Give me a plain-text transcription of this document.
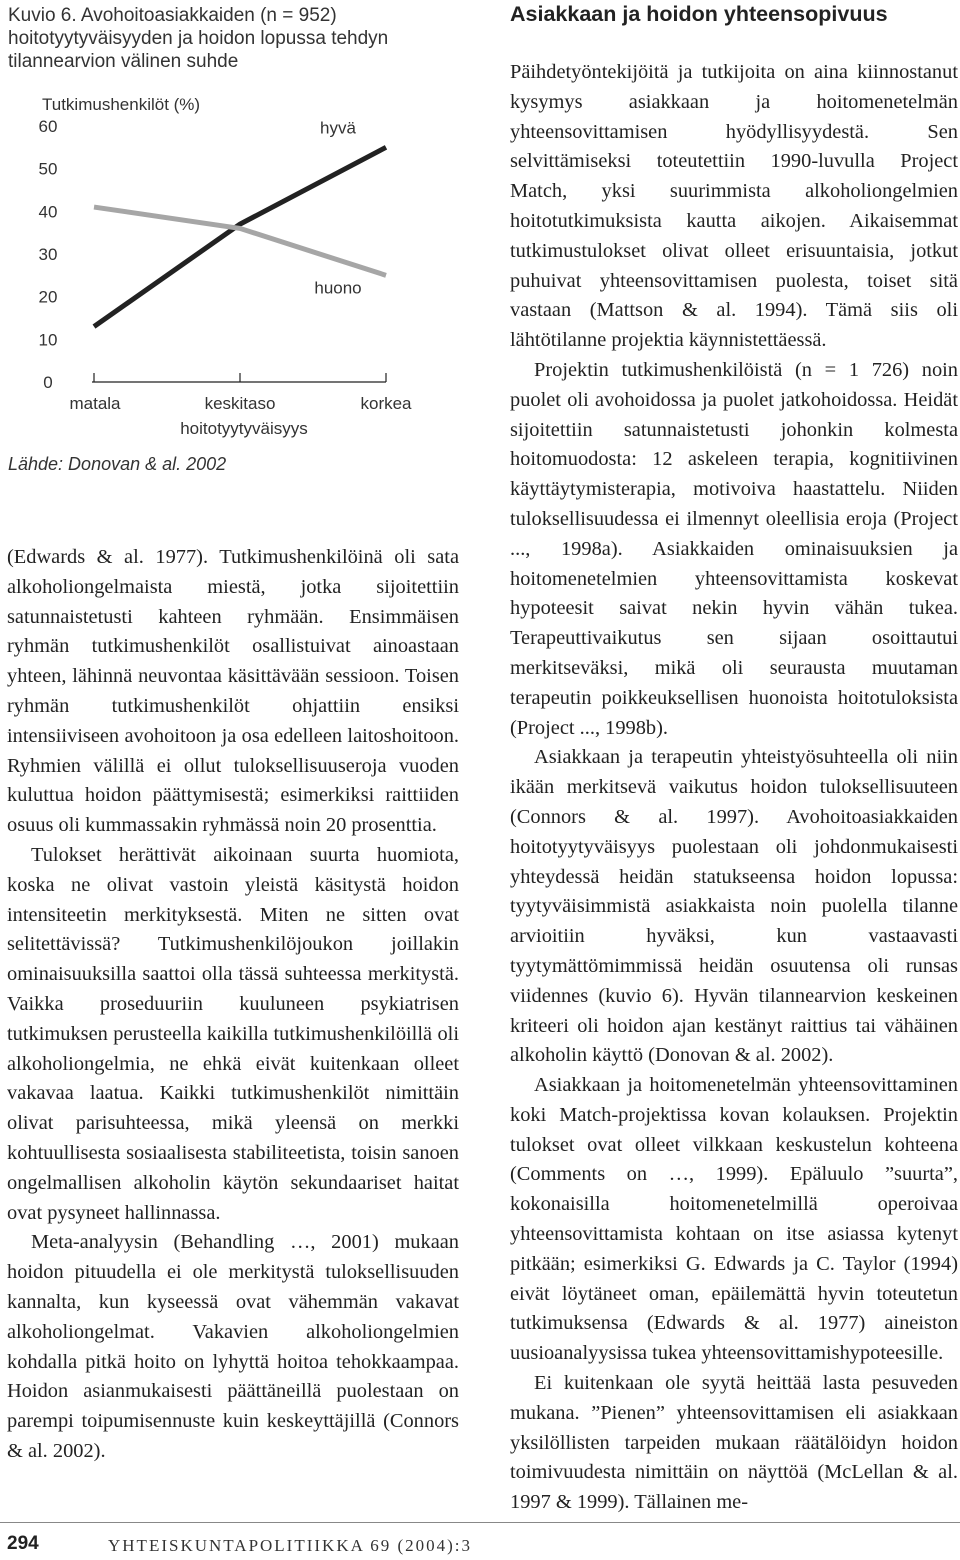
Kuvio 6. Avohoitoasiakkaiden (n = 952) hoitotyytyväisyyden ja hoidon lopussa tehdyn tilannearvion välinen suhde
Tutkimushenkilöt (%)
0
10
20
30
40
50
60
matala	keskitaso	korkea
hoitotyytyväisyys
hyvä
huono
Lähde: Donovan & al. 2002
Asiakkaan ja hoidon yhteensopivuus

(Edwards & al. 1977). Tutkimushenkilöinä oli sata alkoholiongelmaista miestä, jotka sijoitettiin satunnaistetusti kahteen ryhmään. Ensimmäisen ryhmän tutkimushenkilöt osallistuivat ainoastaan yhteen, lähinnä neuvontaa käsittävään sessioon. Toisen ryhmän tutkimushenkilöt ohjattiin ensiksi intensiiviseen avohoitoon ja osa edelleen laitoshoitoon. Ryhmien välillä ei ollut tuloksellisuuseroja vuoden kuluttua hoidon päättymisestä; esimerkiksi raittiiden osuus oli kummassakin ryhmässä noin 20 prosenttia.

Tulokset herättivät aikoinaan suurta huomiota, koska ne olivat vastoin yleistä käsitystä hoidon intensiteetin merkityksestä. Miten ne sitten ovat selitettävissä? Tutkimushenkilöjoukon joillakin ominaisuuksilla saattoi olla tässä suhteessa merkitystä. Vaikka proseduuriin kuuluneen psykiatrisen tutkimuksen perusteella kaikilla tutkimushenkilöillä oli alkoholiongelmia, ne ehkä eivät kuitenkaan olleet vakavaa laatua. Kaikki tutkimushenkilöt nimittäin olivat parisuhteessa, mikä yleensä on merkki kohtuullisesta sosiaalisesta stabiliteetista, toisin sanoen ongelmallisen alkoholin käytön sekundaariset haitat ovat pysyneet hallinnassa.

Meta-analyysin (Behandling …, 2001) mukaan hoidon pituudella ei ole merkitystä tuloksellisuuden kannalta, kun kyseessä ovat vähemmän vakavat alkoholiongelmat. Vakavien alkoholiongelmien kohdalla pitkä hoito on lyhyttä hoitoa tehokkaampaa. Hoidon asianmukaisesti päättäneillä puolestaan on parempi toipumisennuste kuin keskeyttäjillä (Connors & al. 2002).

Päihdetyöntekijöitä ja tutkijoita on aina kiinnostanut kysymys asiakkaan ja hoitomenetelmän yhteensovittamisen hyödyllisyydestä. Sen selvittämiseksi toteutettiin 1990-luvulla Project Match, yksi suurimmista alkoholiongelmien hoitotutkimuksista kautta aikojen. Aikaisemmat tutkimustulokset olivat olleet erisuuntaisia, jotkut puhuivat yhteensovittamisen puolesta, toiset sitä vastaan (Mattson & al. 1994). Tämä siis oli lähtötilanne projektia käynnistettäessä.

Projektin tutkimushenkilöistä (n = 1 726) noin puolet oli avohoidossa ja puolet jatkohoidossa. Heidät sijoitettiin satunnaistetusti johonkin kolmesta hoitomuodosta: 12 askeleen terapia, kognitiivinen käyttäytymisterapia, motivoiva haastattelu. Niiden tuloksellisuudessa ei ilmennyt oleellisia eroja (Project ..., 1998a). Asiakkaiden ominaisuuksien ja hoitomenetelmien yhteensovittamista koskevat hypoteesit saivat nekin hyvin vähän tukea. Terapeuttivaikutus sen sijaan osoittautui merkitseväksi, mikä oli seurausta muutaman terapeutin poikkeuksellisen huonoista hoitotuloksista (Project ..., 1998b).

Asiakkaan ja terapeutin yhteistyösuhteella oli niin ikään merkitsevä vaikutus hoidon tuloksellisuuteen (Connors & al. 1997). Avohoitoasiakkaiden hoitotyytyväisyys puolestaan oli johdonmukaisesti yhteydessä heidän statukseensa hoidon lopussa: tyytyväisimmistä asiakkaista noin puolella tilanne arvioitiin hyväksi, kun vastaavasti tyytymättömimmissä heidän osuutensa oli runsas viidennes (kuvio 6). Hyvän tilannearvion keskeinen kriteeri oli hoidon ajan kestänyt raittius tai vähäinen alkoholin käyttö (Donovan & al. 2002).

Asiakkaan ja hoitomenetelmän yhteensovittaminen koki Match-projektissa kovan kolauksen. Projektin tulokset ovat olleet vilkkaan keskustelun kohteena (Comments on …, 1999). Epäluulo ”suurta”, kokonaisilla hoitomenetelmillä operoivaa yhteensovittamista kohtaan on itse asiassa kytenyt pitkään; esimerkiksi G. Edwards ja C. Taylor (1994) eivät löytäneet oman, epäilemättä hyvin toteutetun tutkimuksensa (Edwards & al. 1977) aineiston uusioanalyysissa tukea yhteensovittamishypoteesille.

Ei kuitenkaan ole syytä heittää lasta pesuveden mukana. ”Pienen” yhteensovittamisen eli asiakkaan yksilöllisten tarpeiden mukaan räätälöidyn hoidon toimivuudesta nimittäin on näyttöä (McLellan & al. 1997 & 1999). Tällainen me-

294	YHTEISKUNTAPOLITIIKKA 69 (2004):3
